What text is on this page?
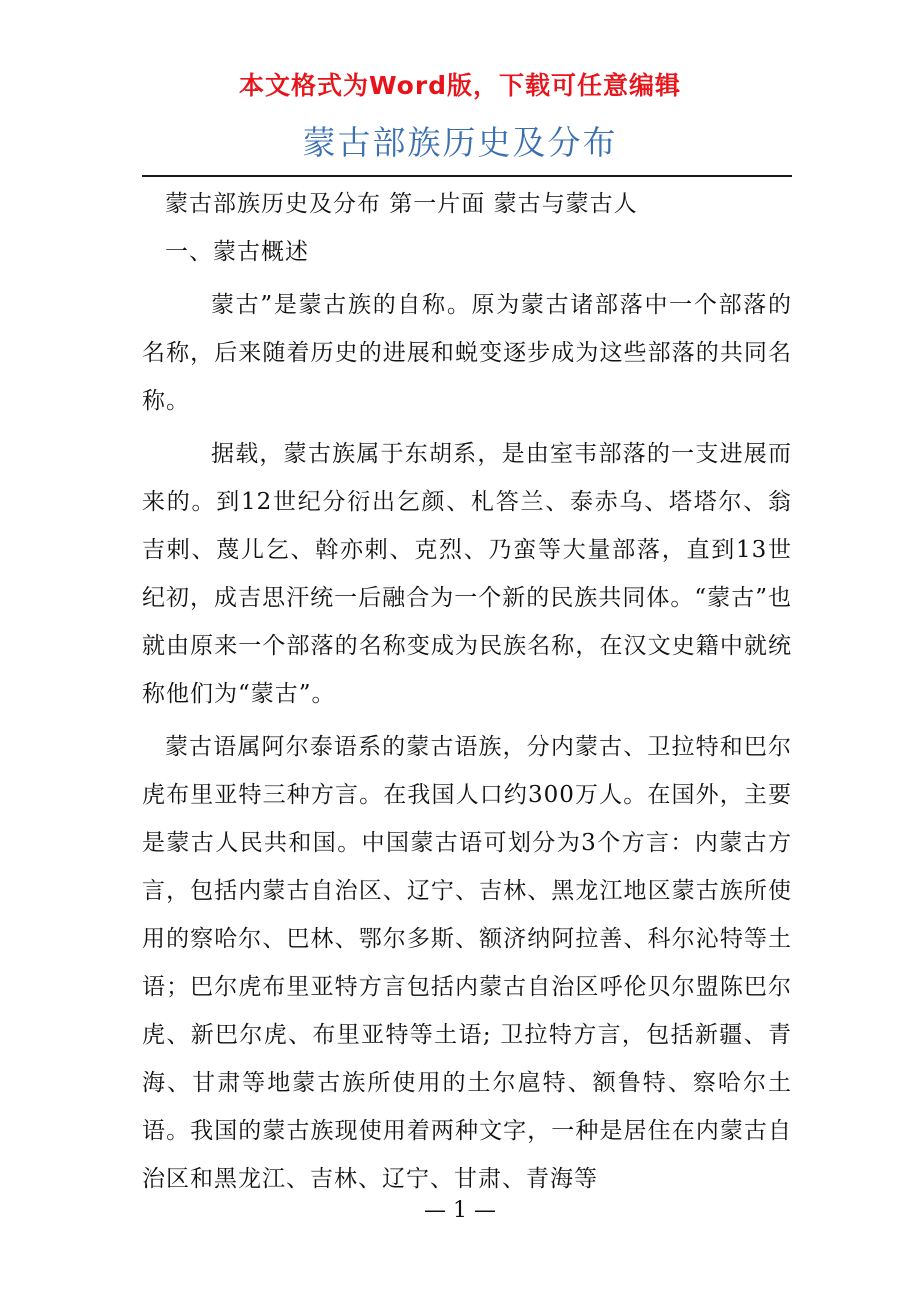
本文格式为Word版，下载可任意编辑
蒙古部族历史及分布

蒙古部族历史及分布 第一片面 蒙古与蒙古人

一、蒙古概述

蒙古”是蒙古族的自称。原为蒙古诸部落中一个部落的名称，后来随着历史的进展和蜕变逐步成为这些部落的共同名称。

据载，蒙古族属于东胡系，是由室韦部落的一支进展而来的。到12世纪分衍出乞颜、札答兰、泰赤乌、塔塔尔、翁吉剌、蔑儿乞、斡亦剌、克烈、乃蛮等大量部落，直到13世纪初，成吉思汗统一后融合为一个新的民族共同体。“蒙古”也就由原来一个部落的名称变成为民族名称，在汉文史籍中就统称他们为“蒙古”。

蒙古语属阿尔泰语系的蒙古语族，分内蒙古、卫拉特和巴尔虎布里亚特三种方言。在我国人口约300万人。在国外，主要是蒙古人民共和国。中国蒙古语可划分为3个方言：内蒙古方言，包括内蒙古自治区、辽宁、吉林、黑龙江地区蒙古族所使用的察哈尔、巴林、鄂尔多斯、额济纳阿拉善、科尔沁特等土语；巴尔虎布里亚特方言包括内蒙古自治区呼伦贝尔盟陈巴尔虎、新巴尔虎、布里亚特等土语; 卫拉特方言，包括新疆、青海、甘肃等地蒙古族所使用的土尔扈特、额鲁特、察哈尔土语。我国的蒙古族现使用着两种文字，一种是居住在内蒙古自治区和黑龙江、吉林、辽宁、甘肃、青海等

— 1 —
